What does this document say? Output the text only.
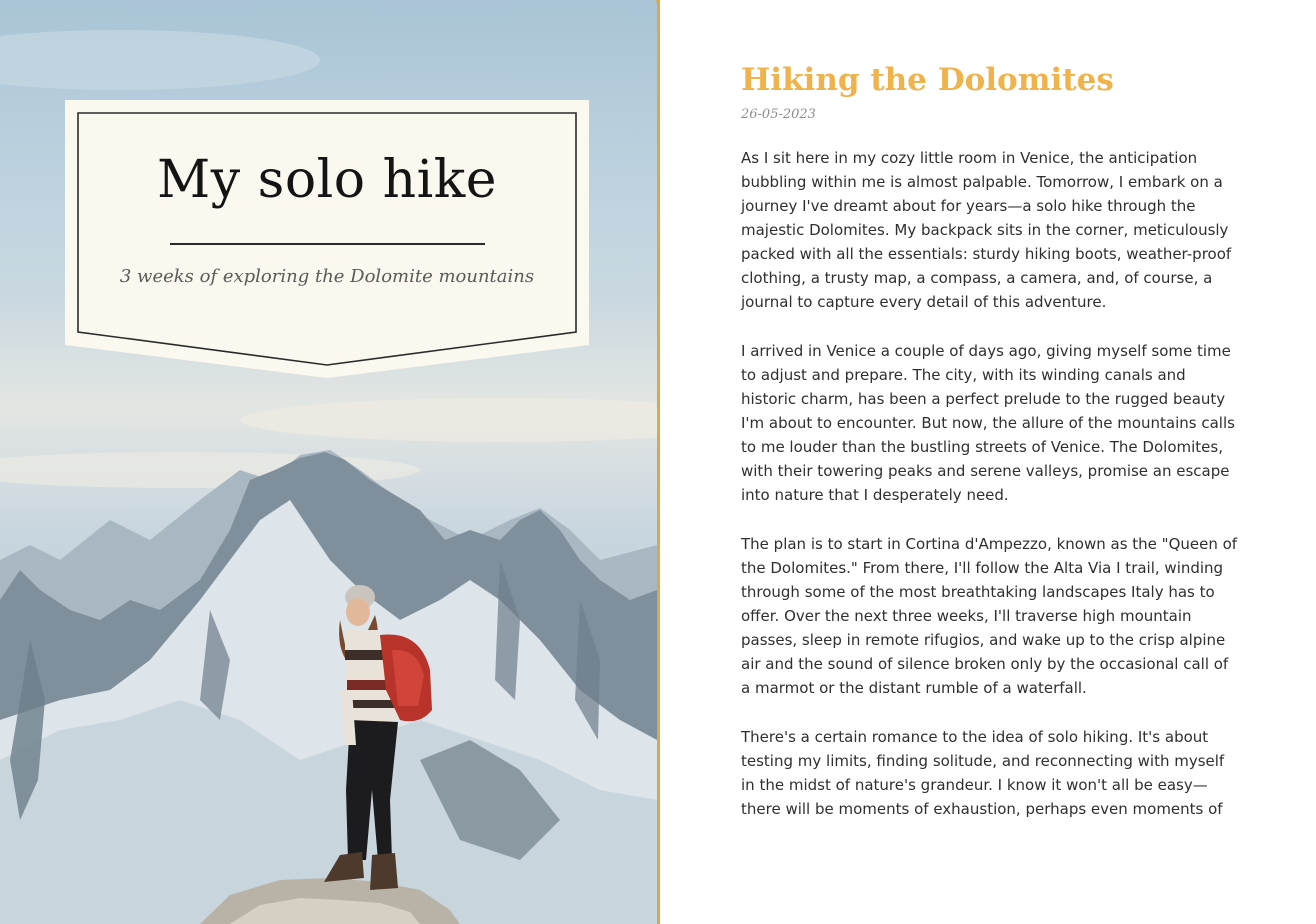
My solo hike
3 weeks of exploring the Dolomite mountains
Hiking the Dolomites
26-05-2023

As I sit here in my cozy little room in Venice, the anticipation bubbling within me is almost palpable. Tomorrow, I embark on a journey I've dreamt about for years—a solo hike through the majestic Dolomites. My backpack sits in the corner, meticulously packed with all the essentials: sturdy hiking boots, weather-proof clothing, a trusty map, a compass, a camera, and, of course, a journal to capture every detail of this adventure.

I arrived in Venice a couple of days ago, giving myself some time to adjust and prepare. The city, with its winding canals and historic charm, has been a perfect prelude to the rugged beauty I'm about to encounter. But now, the allure of the mountains calls to me louder than the bustling streets of Venice. The Dolomites, with their towering peaks and serene valleys, promise an escape into nature that I desperately need.

The plan is to start in Cortina d'Ampezzo, known as the "Queen of the Dolomites." From there, I'll follow the Alta Via I trail, winding through some of the most breathtaking landscapes Italy has to offer. Over the next three weeks, I'll traverse high mountain passes, sleep in remote rifugios, and wake up to the crisp alpine air and the sound of silence broken only by the occasional call of a marmot or the distant rumble of a waterfall.

There's a certain romance to the idea of solo hiking. It's about testing my limits, finding solitude, and reconnecting with myself in the midst of nature's grandeur. I know it won't all be easy—there will be moments of exhaustion, perhaps even moments of
